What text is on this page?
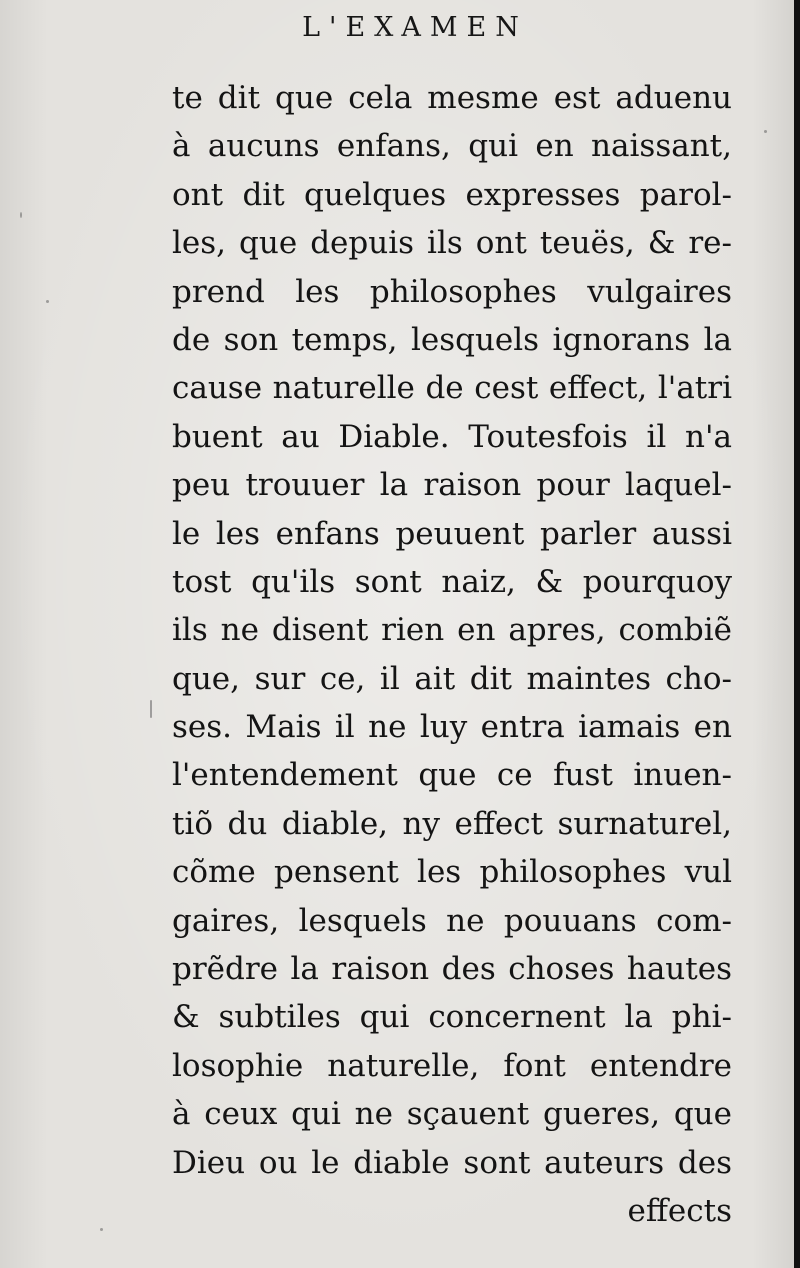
L'EXAMEN
te dit que cela mesme est aduenu
à aucuns enfans, qui en naissant,
ont dit quelques expresses parol-
les, que depuis ils ont teuës, & re-
prend les philosophes vulgaires
de son temps, lesquels ignorans la
cause naturelle de cest effect, l'atri
buent au Diable. Toutesfois il n'a
peu trouuer la raison pour laquel-
le les enfans peuuent parler aussi
tost qu'ils sont naiz, & pourquoy
ils ne disent rien en apres, combiẽ
que, sur ce, il ait dit maintes cho-
ses. Mais il ne luy entra iamais en
l'entendement que ce fust inuen-
tiõ du diable, ny effect surnaturel,
cõme pensent les philosophes vul
gaires, lesquels ne pouuans com-
prẽdre la raison des choses hautes
& subtiles qui concernent la phi-
losophie naturelle, font entendre
à ceux qui ne sçauent gueres, que
Dieu ou le diable sont auteurs des
effects
